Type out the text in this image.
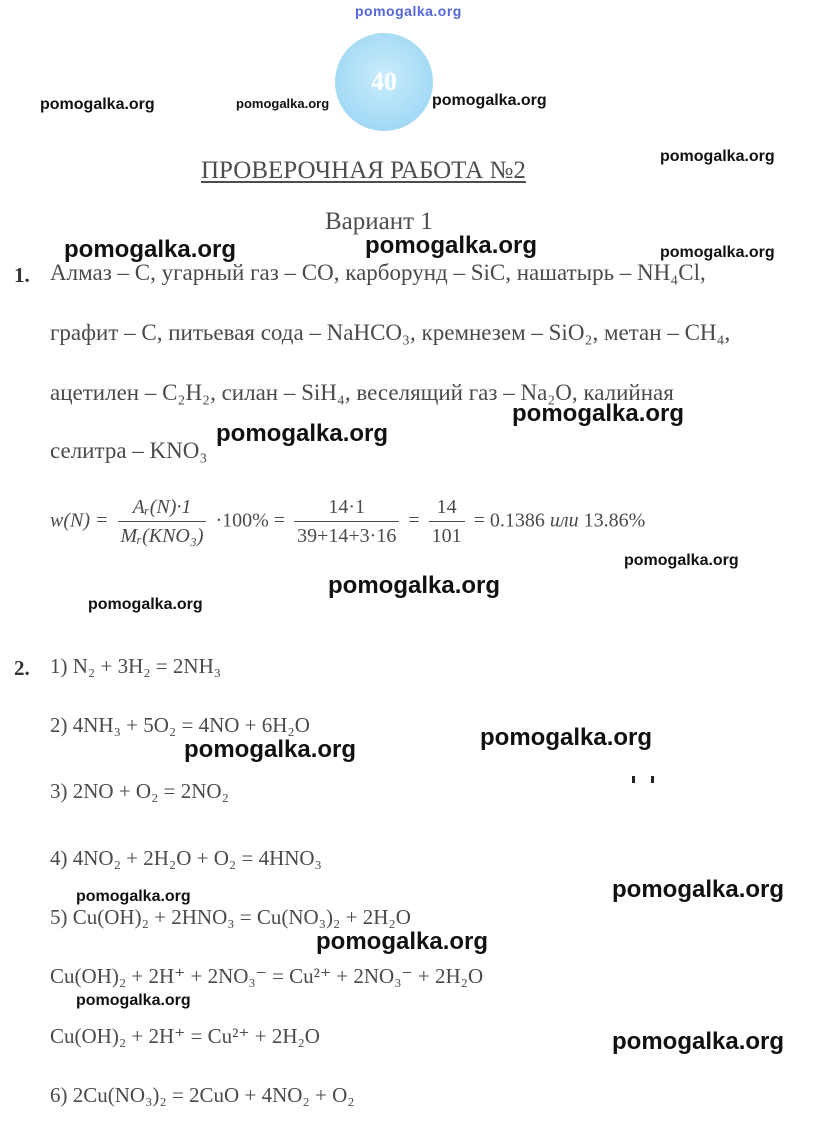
pomogalka.org
40
ПРОВЕРОЧНАЯ РАБОТА №2
Вариант 1
1. Алмаз – C, угарный газ – CO, карборунд – SiC, нашатырь – NH₄Cl,
графит – C, питьевая сода – NaHCO₃, кремнезем – SiO₂, метан – CH₄,
ацетилен – C₂H₂, силан – SiH₄, веселящий газ – Na₂O, калийная
селитра – KNO₃
$w(N) = \frac{\text{Aᵣ(N)·1}}{\text{Mᵣ(KNO₃)}} \cdot 100\% = \frac{14\cdot 1}{39+14+3\cdot 16} = \frac{14}{101} = 0.1386$ или 13.86%
2. 1) N₂ + 3H₂ = 2NH₃
2) 4NH₃ + 5O₂ = 4NO + 6H₂O
3) 2NO + O₂ = 2NO₂
4) 4NO₂ + 2H₂O + O₂ = 4HNO₃
5) Cu(OH)₂ + 2HNO₃ = Cu(NO₃)₂ + 2H₂O
Cu(OH)₂ + 2H⁺ + 2NO₃⁻ = Cu²⁺ + 2NO₃⁻ + 2H₂O
Cu(OH)₂ + 2H⁺ = Cu²⁺ + 2H₂O
6) 2Cu(NO₃)₂ = 2CuO + 4NO₂ + O₂
pomogalka.org	pomogalka.org	pomogalka.org
pomogalka.org
pomogalka.org	pomogalka.org	pomogalka.org
pomogalka.org
pomogalka.org
pomogalka.org
pomogalka.org
pomogalka.org
pomogalka.org
pomogalka.org
pomogalka.org
pomogalka.org
pomogalka.org
pomogalka.org
pomogalka.org
